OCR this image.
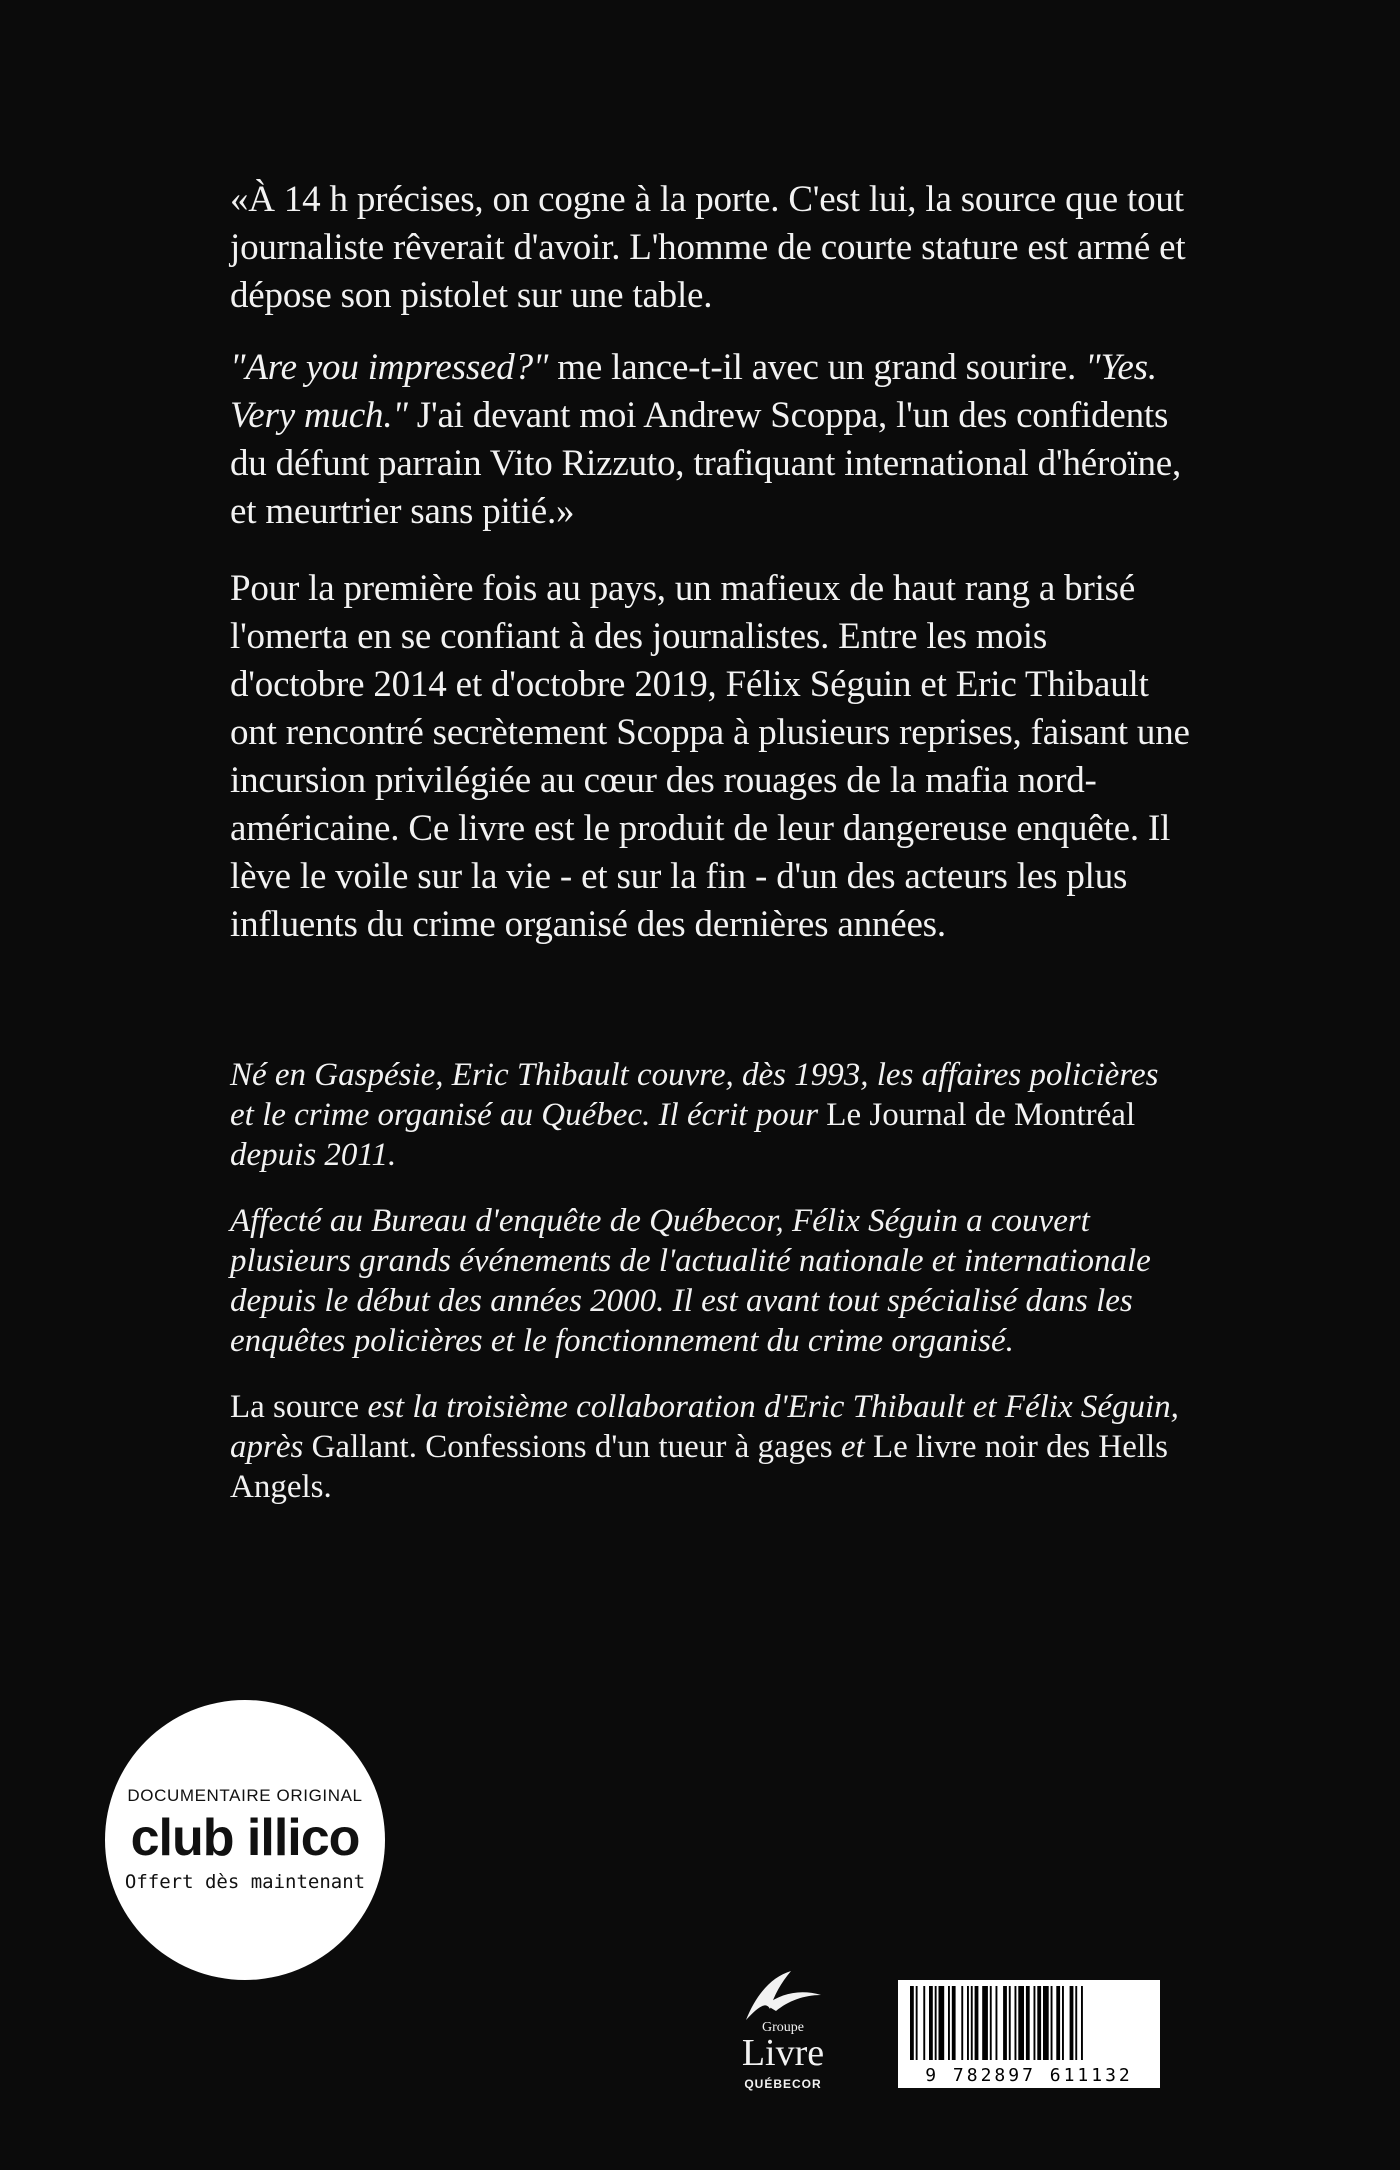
«À 14 h précises, on cogne à la porte. C'est lui, la source que tout journaliste rêverait d'avoir. L'homme de courte stature est armé et dépose son pistolet sur une table.

"Are you impressed?" me lance-t-il avec un grand sourire. "Yes. Very much." J'ai devant moi Andrew Scoppa, l'un des confidents du défunt parrain Vito Rizzuto, trafiquant international d'héroïne, et meurtrier sans pitié.»

Pour la première fois au pays, un mafieux de haut rang a brisé l'omerta en se confiant à des journalistes. Entre les mois d'octobre 2014 et d'octobre 2019, Félix Séguin et Eric Thibault ont rencontré secrètement Scoppa à plusieurs reprises, faisant une incursion privilégiée au cœur des rouages de la mafia nord-américaine. Ce livre est le produit de leur dangereuse enquête. Il lève le voile sur la vie - et sur la fin - d'un des acteurs les plus influents du crime organisé des dernières années.

Né en Gaspésie, Eric Thibault couvre, dès 1993, les affaires policières et le crime organisé au Québec. Il écrit pour Le Journal de Montréal depuis 2011.

Affecté au Bureau d'enquête de Québecor, Félix Séguin a couvert plusieurs grands événements de l'actualité nationale et internationale depuis le début des années 2000. Il est avant tout spécialisé dans les enquêtes policières et le fonctionnement du crime organisé.

La source est la troisième collaboration d'Eric Thibault et Félix Séguin, après Gallant. Confessions d'un tueur à gages et Le livre noir des Hells Angels.

DOCUMENTAIRE ORIGINAL
club illico
Offert dès maintenant
Groupe
Livre
QUÉBECOR	9 782897 611132
